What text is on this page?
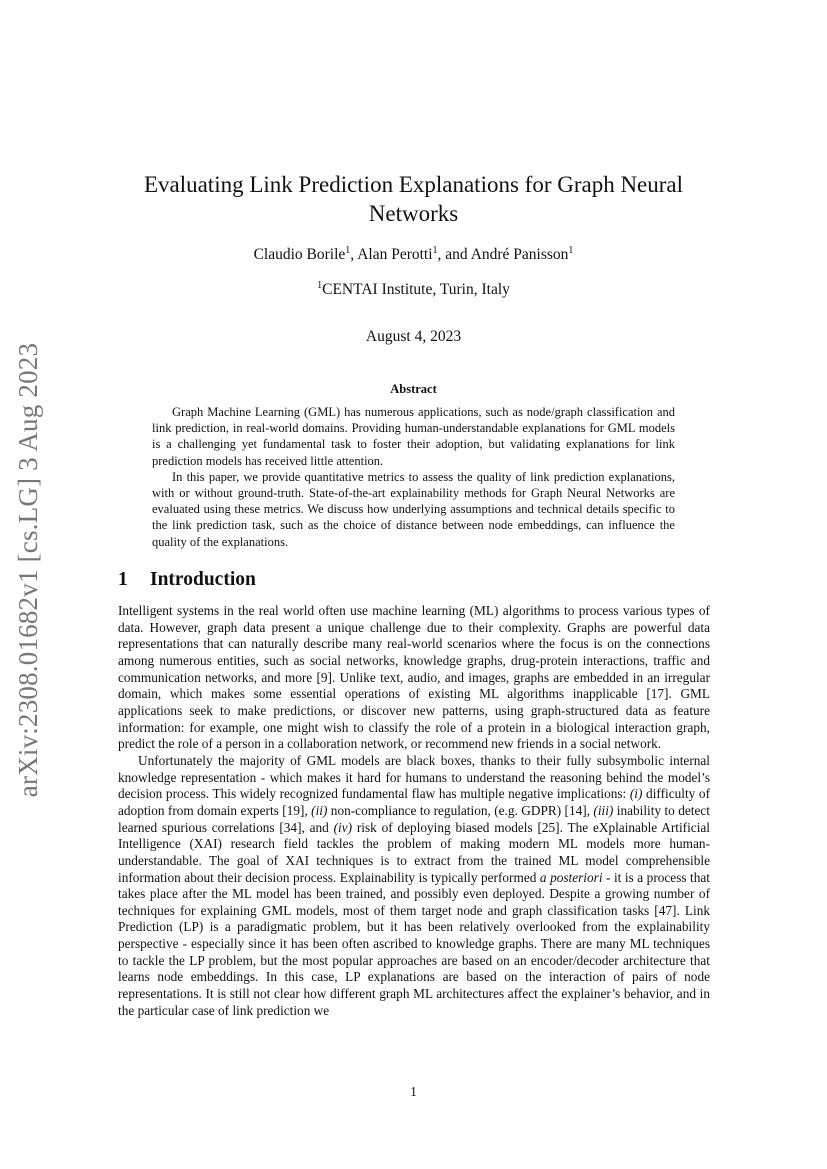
arXiv:2308.01682v1 [cs.LG] 3 Aug 2023
Evaluating Link Prediction Explanations for Graph Neural Networks
Claudio Borile$^1$, Alan Perotti$^1$, and André Panisson$^1$
$^1$CENTAI Institute, Turin, Italy
August 4, 2023
Abstract

Graph Machine Learning (GML) has numerous applications, such as node/graph classification and link prediction, in real-world domains. Providing human-understandable explanations for GML models is a challenging yet fundamental task to foster their adoption, but validating explanations for link prediction models has received little attention.

In this paper, we provide quantitative metrics to assess the quality of link prediction explanations, with or without ground-truth. State-of-the-art explainability methods for Graph Neural Networks are evaluated using these metrics. We discuss how underlying assumptions and technical details specific to the link prediction task, such as the choice of distance between node embeddings, can influence the quality of the explanations.

1 Introduction

Intelligent systems in the real world often use machine learning (ML) algorithms to process various types of data. However, graph data present a unique challenge due to their complexity. Graphs are powerful data representations that can naturally describe many real-world scenarios where the focus is on the connections among numerous entities, such as social networks, knowledge graphs, drug-protein interactions, traffic and communication networks, and more [9]. Unlike text, audio, and images, graphs are embedded in an irregular domain, which makes some essential operations of existing ML algorithms inapplicable [17]. GML applications seek to make predictions, or discover new patterns, using graph-structured data as feature information: for example, one might wish to classify the role of a protein in a biological interaction graph, predict the role of a person in a collaboration network, or recommend new friends in a social network.

Unfortunately the majority of GML models are black boxes, thanks to their fully subsymbolic internal knowledge representation - which makes it hard for humans to understand the reasoning behind the model’s decision process. This widely recognized fundamental flaw has multiple negative implications: (i) difficulty of adoption from domain experts [19], (ii) non-compliance to regulation, (e.g. GDPR) [14], (iii) inability to detect learned spurious correlations [34], and (iv) risk of deploying biased models [25]. The eXplainable Artificial Intelligence (XAI) research field tackles the problem of making modern ML models more human-understandable. The goal of XAI techniques is to extract from the trained ML model comprehensible information about their decision process. Explainability is typically performed a posteriori - it is a process that takes place after the ML model has been trained, and possibly even deployed. Despite a growing number of techniques for explaining GML models, most of them target node and graph classification tasks [47]. Link Prediction (LP) is a paradigmatic problem, but it has been relatively overlooked from the explainability perspective - especially since it has been often ascribed to knowledge graphs. There are many ML techniques to tackle the LP problem, but the most popular approaches are based on an encoder/decoder architecture that learns node embeddings. In this case, LP explanations are based on the interaction of pairs of node representations. It is still not clear how different graph ML architectures affect the explainer’s behavior, and in the particular case of link prediction we

1
